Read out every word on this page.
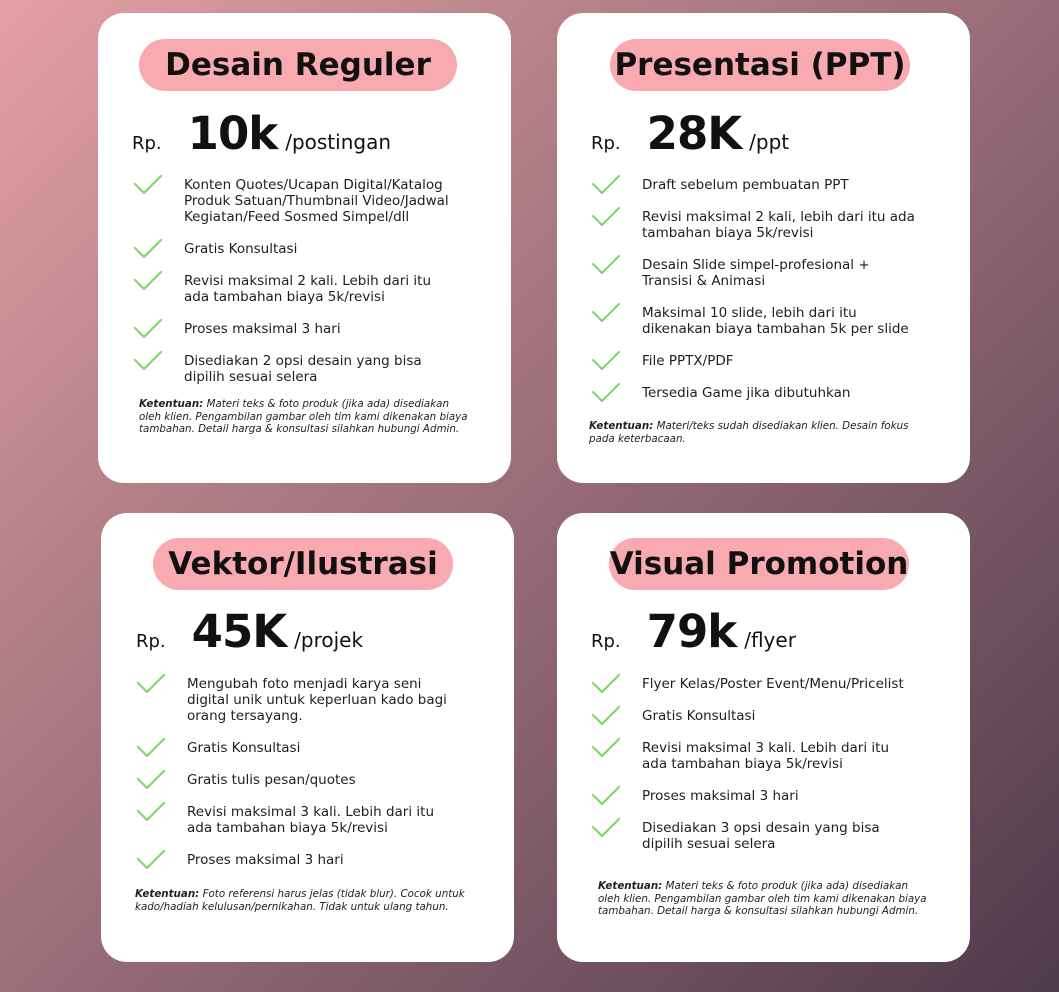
Desain Reguler
Rp. 10k /postingan
Konten Quotes/Ucapan Digital/Katalog Produk Satuan/Thumbnail Video/Jadwal Kegiatan/Feed Sosmed Simpel/dll
Gratis Konsultasi
Revisi maksimal 2 kali. Lebih dari itu ada tambahan biaya 5k/revisi
Proses maksimal 3 hari
Disediakan 2 opsi desain yang bisa dipilih sesuai selera
Ketentuan: Materi teks & foto produk (jika ada) disediakan oleh klien. Pengambilan gambar oleh tim kami dikenakan biaya tambahan. Detail harga & konsultasi silahkan hubungi Admin.
Presentasi (PPT)
Rp. 28K /ppt
Draft sebelum pembuatan PPT
Revisi maksimal 2 kali, lebih dari itu ada tambahan biaya 5k/revisi
Desain Slide simpel-profesional + Transisi & Animasi
Maksimal 10 slide, lebih dari itu dikenakan biaya tambahan 5k per slide
File PPTX/PDF
Tersedia Game jika dibutuhkan
Ketentuan: Materi/teks sudah disediakan klien. Desain fokus pada keterbacaan.
Vektor/Ilustrasi
Rp. 45K /projek
Mengubah foto menjadi karya seni digital unik untuk keperluan kado bagi orang tersayang.
Gratis Konsultasi
Gratis tulis pesan/quotes
Revisi maksimal 3 kali. Lebih dari itu ada tambahan biaya 5k/revisi
Proses maksimal 3 hari
Ketentuan: Foto referensi harus jelas (tidak blur). Cocok untuk kado/hadiah kelulusan/pernikahan. Tidak untuk ulang tahun.
Visual Promotion
Rp. 79k /flyer
Flyer Kelas/Poster Event/Menu/Pricelist
Gratis Konsultasi
Revisi maksimal 3 kali. Lebih dari itu ada tambahan biaya 5k/revisi
Proses maksimal 3 hari
Disediakan 3 opsi desain yang bisa dipilih sesuai selera
Ketentuan: Materi teks & foto produk (jika ada) disediakan oleh klien. Pengambilan gambar oleh tim kami dikenakan biaya tambahan. Detail harga & konsultasi silahkan hubungi Admin.
